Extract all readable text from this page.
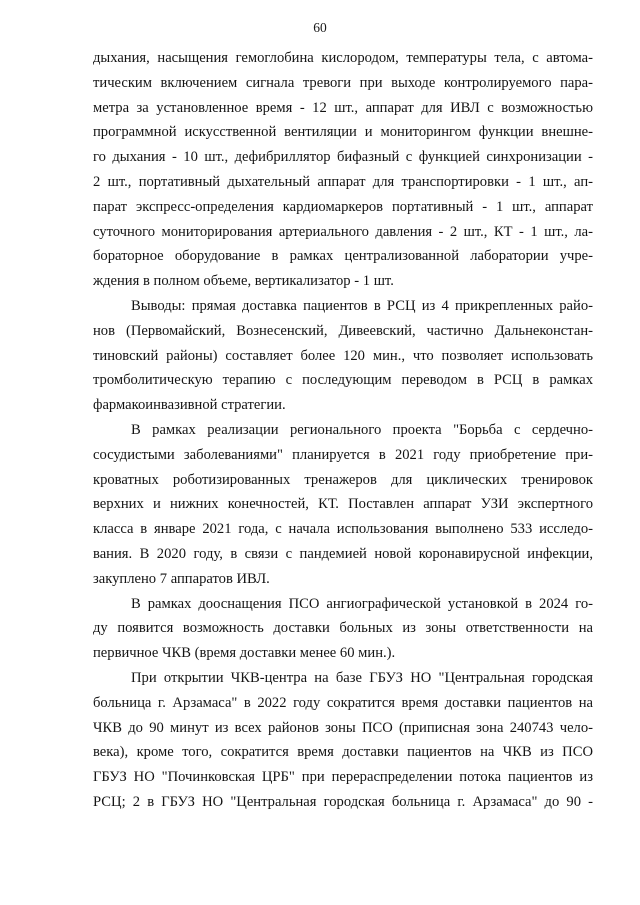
60
дыхания, насыщения гемоглобина кислородом, температуры тела, с автома-
тическим включением сигнала тревоги при выходе контролируемого пара-
метра за установленное время - 12 шт., аппарат для ИВЛ с возможностью
программной искусственной вентиляции и мониторингом функции внешне-
го дыхания - 10 шт., дефибриллятор бифазный с функцией синхронизации -
2 шт., портативный дыхательный аппарат для транспортировки - 1 шт., ап-
парат экспресс-определения кардиомаркеров портативный - 1 шт., аппарат
суточного мониторирования артериального давления - 2 шт., КТ - 1 шт., ла-
бораторное оборудование в рамках централизованной лаборатории учре-
ждения в полном объеме, вертикализатор - 1 шт.
Выводы: прямая доставка пациентов в РСЦ из 4 прикрепленных райо-
нов (Первомайский, Вознесенский, Дивеевский, частично Дальнеконстан-
тиновский районы) составляет более 120 мин., что позволяет использовать
тромболитическую терапию с последующим переводом в РСЦ в рамках
фармакоинвазивной стратегии.
В рамках реализации регионального проекта "Борьба с сердечно-
сосудистыми заболеваниями" планируется в 2021 году приобретение при-
кроватных роботизированных тренажеров для циклических тренировок
верхних и нижних конечностей, КТ. Поставлен аппарат УЗИ экспертного
класса в январе 2021 года, с начала использования выполнено 533 исследо-
вания. В 2020 году, в связи с пандемией новой коронавирусной инфекции,
закуплено 7 аппаратов ИВЛ.
В рамках дооснащения ПСО ангиографической установкой в 2024 го-
ду появится возможность доставки больных из зоны ответственности на
первичное ЧКВ (время доставки менее 60 мин.).
При открытии ЧКВ-центра на базе ГБУЗ НО "Центральная городская
больница г. Арзамаса" в 2022 году сократится время доставки пациентов на
ЧКВ до 90 минут из всех районов зоны ПСО (приписная зона 240743 чело-
века), кроме того, сократится время доставки пациентов на ЧКВ из ПСО
ГБУЗ НО "Починковская ЦРБ" при перераспределении потока пациентов из
РСЦ; 2 в ГБУЗ НО "Центральная городская больница г. Арзамаса" до 90 -
